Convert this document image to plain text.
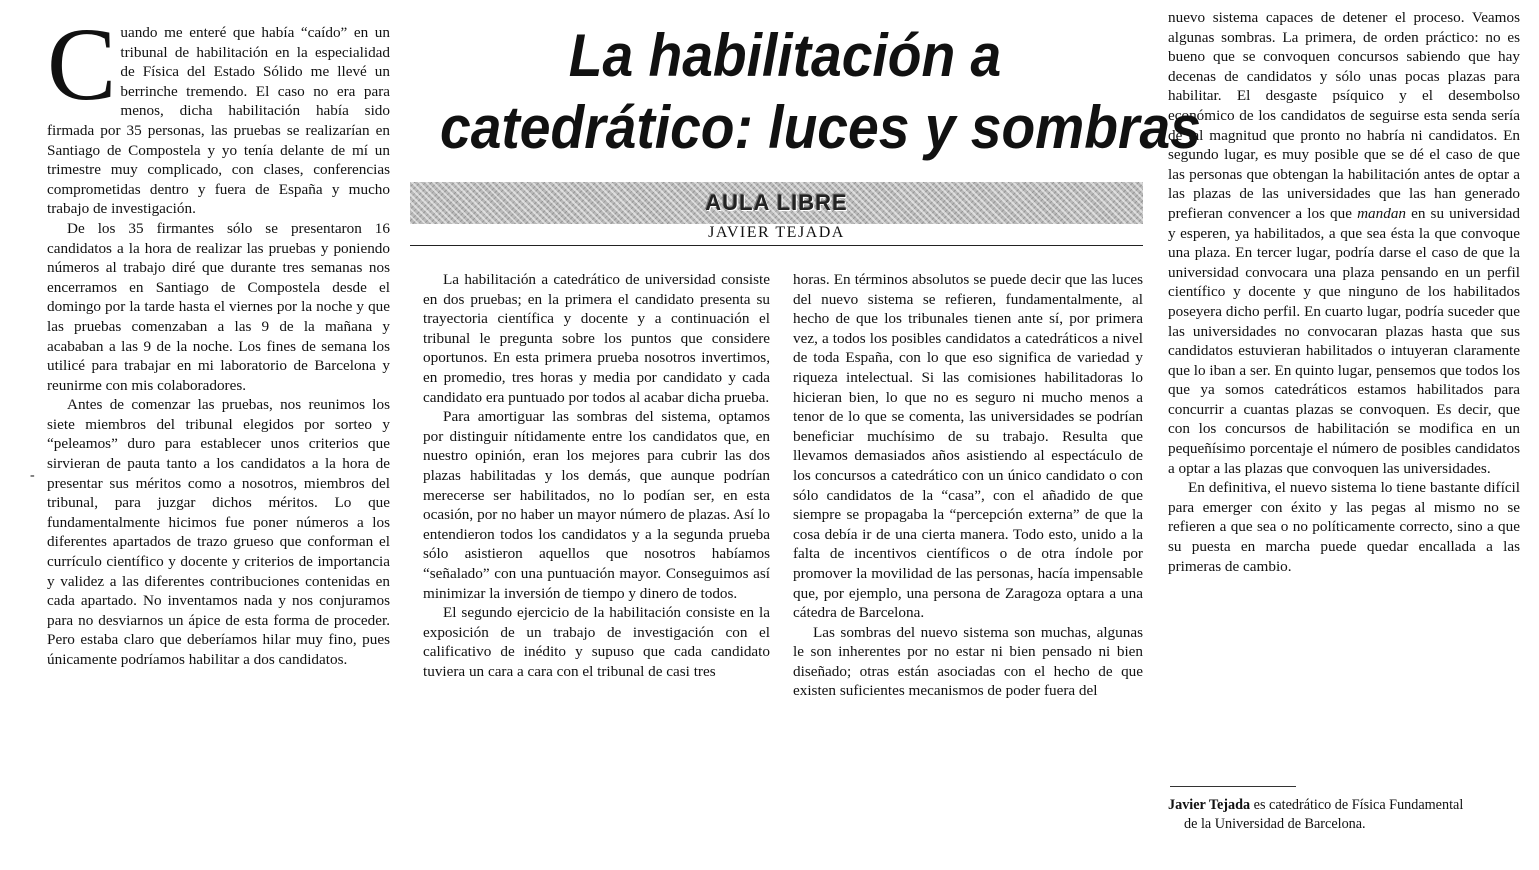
La habilitación a
catedrático: luces y sombras
AULA LIBRE
JAVIER TEJADA
-

Cuando me enteré que había “caído” en un tribunal de habilitación en la especialidad de Física del Estado Sólido me llevé un berrinche tremendo. El caso no era para menos, dicha habilitación había sido firmada por 35 personas, las pruebas se realizarían en Santiago de Compostela y yo tenía delante de mí un trimestre muy complicado, con clases, conferencias comprometidas dentro y fuera de España y mucho trabajo de investigación.

De los 35 firmantes sólo se presentaron 16 candidatos a la hora de realizar las pruebas y poniendo números al trabajo diré que durante tres semanas nos encerramos en Santiago de Compostela desde el domingo por la tarde hasta el viernes por la noche y que las pruebas comenzaban a las 9 de la mañana y acababan a las 9 de la noche. Los fines de semana los utilicé para trabajar en mi laboratorio de Barcelona y reunirme con mis colaboradores.

Antes de comenzar las pruebas, nos reunimos los siete miembros del tribunal elegidos por sorteo y “peleamos” duro para establecer unos criterios que sirvieran de pauta tanto a los candidatos a la hora de presentar sus méritos como a nosotros, miembros del tribunal, para juzgar dichos méritos. Lo que fundamentalmente hicimos fue poner números a los diferentes apartados de trazo grueso que conforman el currículo científico y docente y criterios de importancia y validez a las diferentes contribuciones contenidas en cada apartado. No inventamos nada y nos conjuramos para no desviarnos un ápice de esta forma de proceder. Pero estaba claro que deberíamos hilar muy fino, pues únicamente podríamos habilitar a dos candidatos.

La habilitación a catedrático de universidad consiste en dos pruebas; en la primera el candidato presenta su trayectoria científica y docente y a continuación el tribunal le pregunta sobre los puntos que considere oportunos. En esta primera prueba nosotros invertimos, en promedio, tres horas y media por candidato y cada candidato era puntuado por todos al acabar dicha prueba.

Para amortiguar las sombras del sistema, optamos por distinguir nítidamente entre los candidatos que, en nuestro opinión, eran los mejores para cubrir las dos plazas habilitadas y los demás, que aunque podrían merecerse ser habilitados, no lo podían ser, en esta ocasión, por no haber un mayor número de plazas. Así lo entendieron todos los candidatos y a la segunda prueba sólo asistieron aquellos que nosotros habíamos “señalado” con una puntuación mayor. Conseguimos así minimizar la inversión de tiempo y dinero de todos.

El segundo ejercicio de la habilitación consiste en la exposición de un trabajo de investigación con el calificativo de inédito y supuso que cada candidato tuviera un cara a cara con el tribunal de casi tres

horas. En términos absolutos se puede decir que las luces del nuevo sistema se refieren, fundamentalmente, al hecho de que los tribunales tienen ante sí, por primera vez, a todos los posibles candidatos a catedráticos a nivel de toda España, con lo que eso significa de variedad y riqueza intelectual. Si las comisiones habilitadoras lo hicieran bien, lo que no es seguro ni mucho menos a tenor de lo que se comenta, las universidades se podrían beneficiar muchísimo de su trabajo. Resulta que llevamos demasiados años asistiendo al espectáculo de los concursos a catedrático con un único candidato o con sólo candidatos de la “casa”, con el añadido de que siempre se propagaba la “percepción externa” de que la cosa debía ir de una cierta manera. Todo esto, unido a la falta de incentivos científicos o de otra índole por promover la movilidad de las personas, hacía impensable que, por ejemplo, una persona de Zaragoza optara a una cátedra de Barcelona.

Las sombras del nuevo sistema son muchas, algunas le son inherentes por no estar ni bien pensado ni bien diseñado; otras están asociadas con el hecho de que existen suficientes mecanismos de poder fuera del

nuevo sistema capaces de detener el proceso. Veamos algunas sombras. La primera, de orden práctico: no es bueno que se convoquen concursos sabiendo que hay decenas de candidatos y sólo unas pocas plazas para habilitar. El desgaste psíquico y el desembolso económico de los candidatos de seguirse esta senda sería de tal magnitud que pronto no habría ni candidatos. En segundo lugar, es muy posible que se dé el caso de que las personas que obtengan la habilitación antes de optar a las plazas de las universidades que las han generado prefieran convencer a los que mandan en su universidad y esperen, ya habilitados, a que sea ésta la que convoque una plaza. En tercer lugar, podría darse el caso de que la universidad convocara una plaza pensando en un perfil científico y docente y que ninguno de los habilitados poseyera dicho perfil. En cuarto lugar, podría suceder que las universidades no convocaran plazas hasta que sus candidatos estuvieran habilitados o intuyeran claramente que lo iban a ser. En quinto lugar, pensemos que todos los que ya somos catedráticos estamos habilitados para concurrir a cuantas plazas se convoquen. Es decir, que con los concursos de habilitación se modifica en un pequeñísimo porcentaje el número de posibles candidatos a optar a las plazas que convoquen las universidades.

En definitiva, el nuevo sistema lo tiene bastante difícil para emerger con éxito y las pegas al mismo no se refieren a que sea o no políticamente correcto, sino a que su puesta en marcha puede quedar encallada a las primeras de cambio.

Javier Tejada es catedrático de Física Fundamental
de la Universidad de Barcelona.
